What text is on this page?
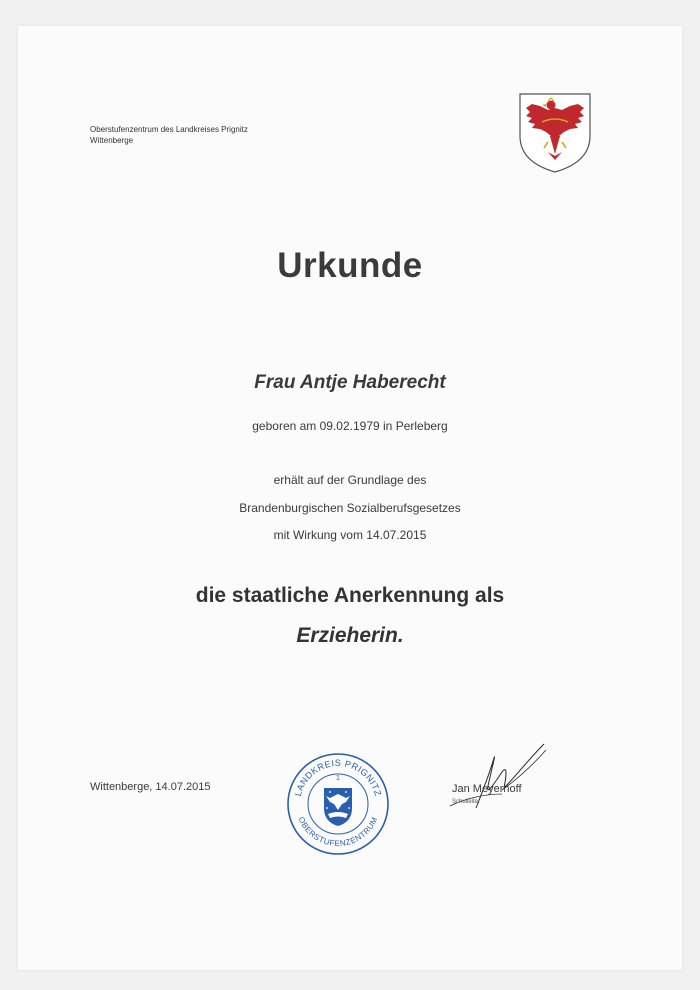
Oberstufenzentrum des Landkreises Prignitz
Wittenberge
Urkunde
Frau Antje Haberecht
geboren am 09.02.1979 in Perleberg
erhält auf der Grundlage des
Brandenburgischen Sozialberufsgesetzes
mit Wirkung vom 14.07.2015
die staatliche Anerkennung als
Erzieherin.
Wittenberge, 14.07.2015
LANDKREIS PRIGNITZ
OBERSTUFENZENTRUM
1
Jan Meyerhoff
Schulleiter
